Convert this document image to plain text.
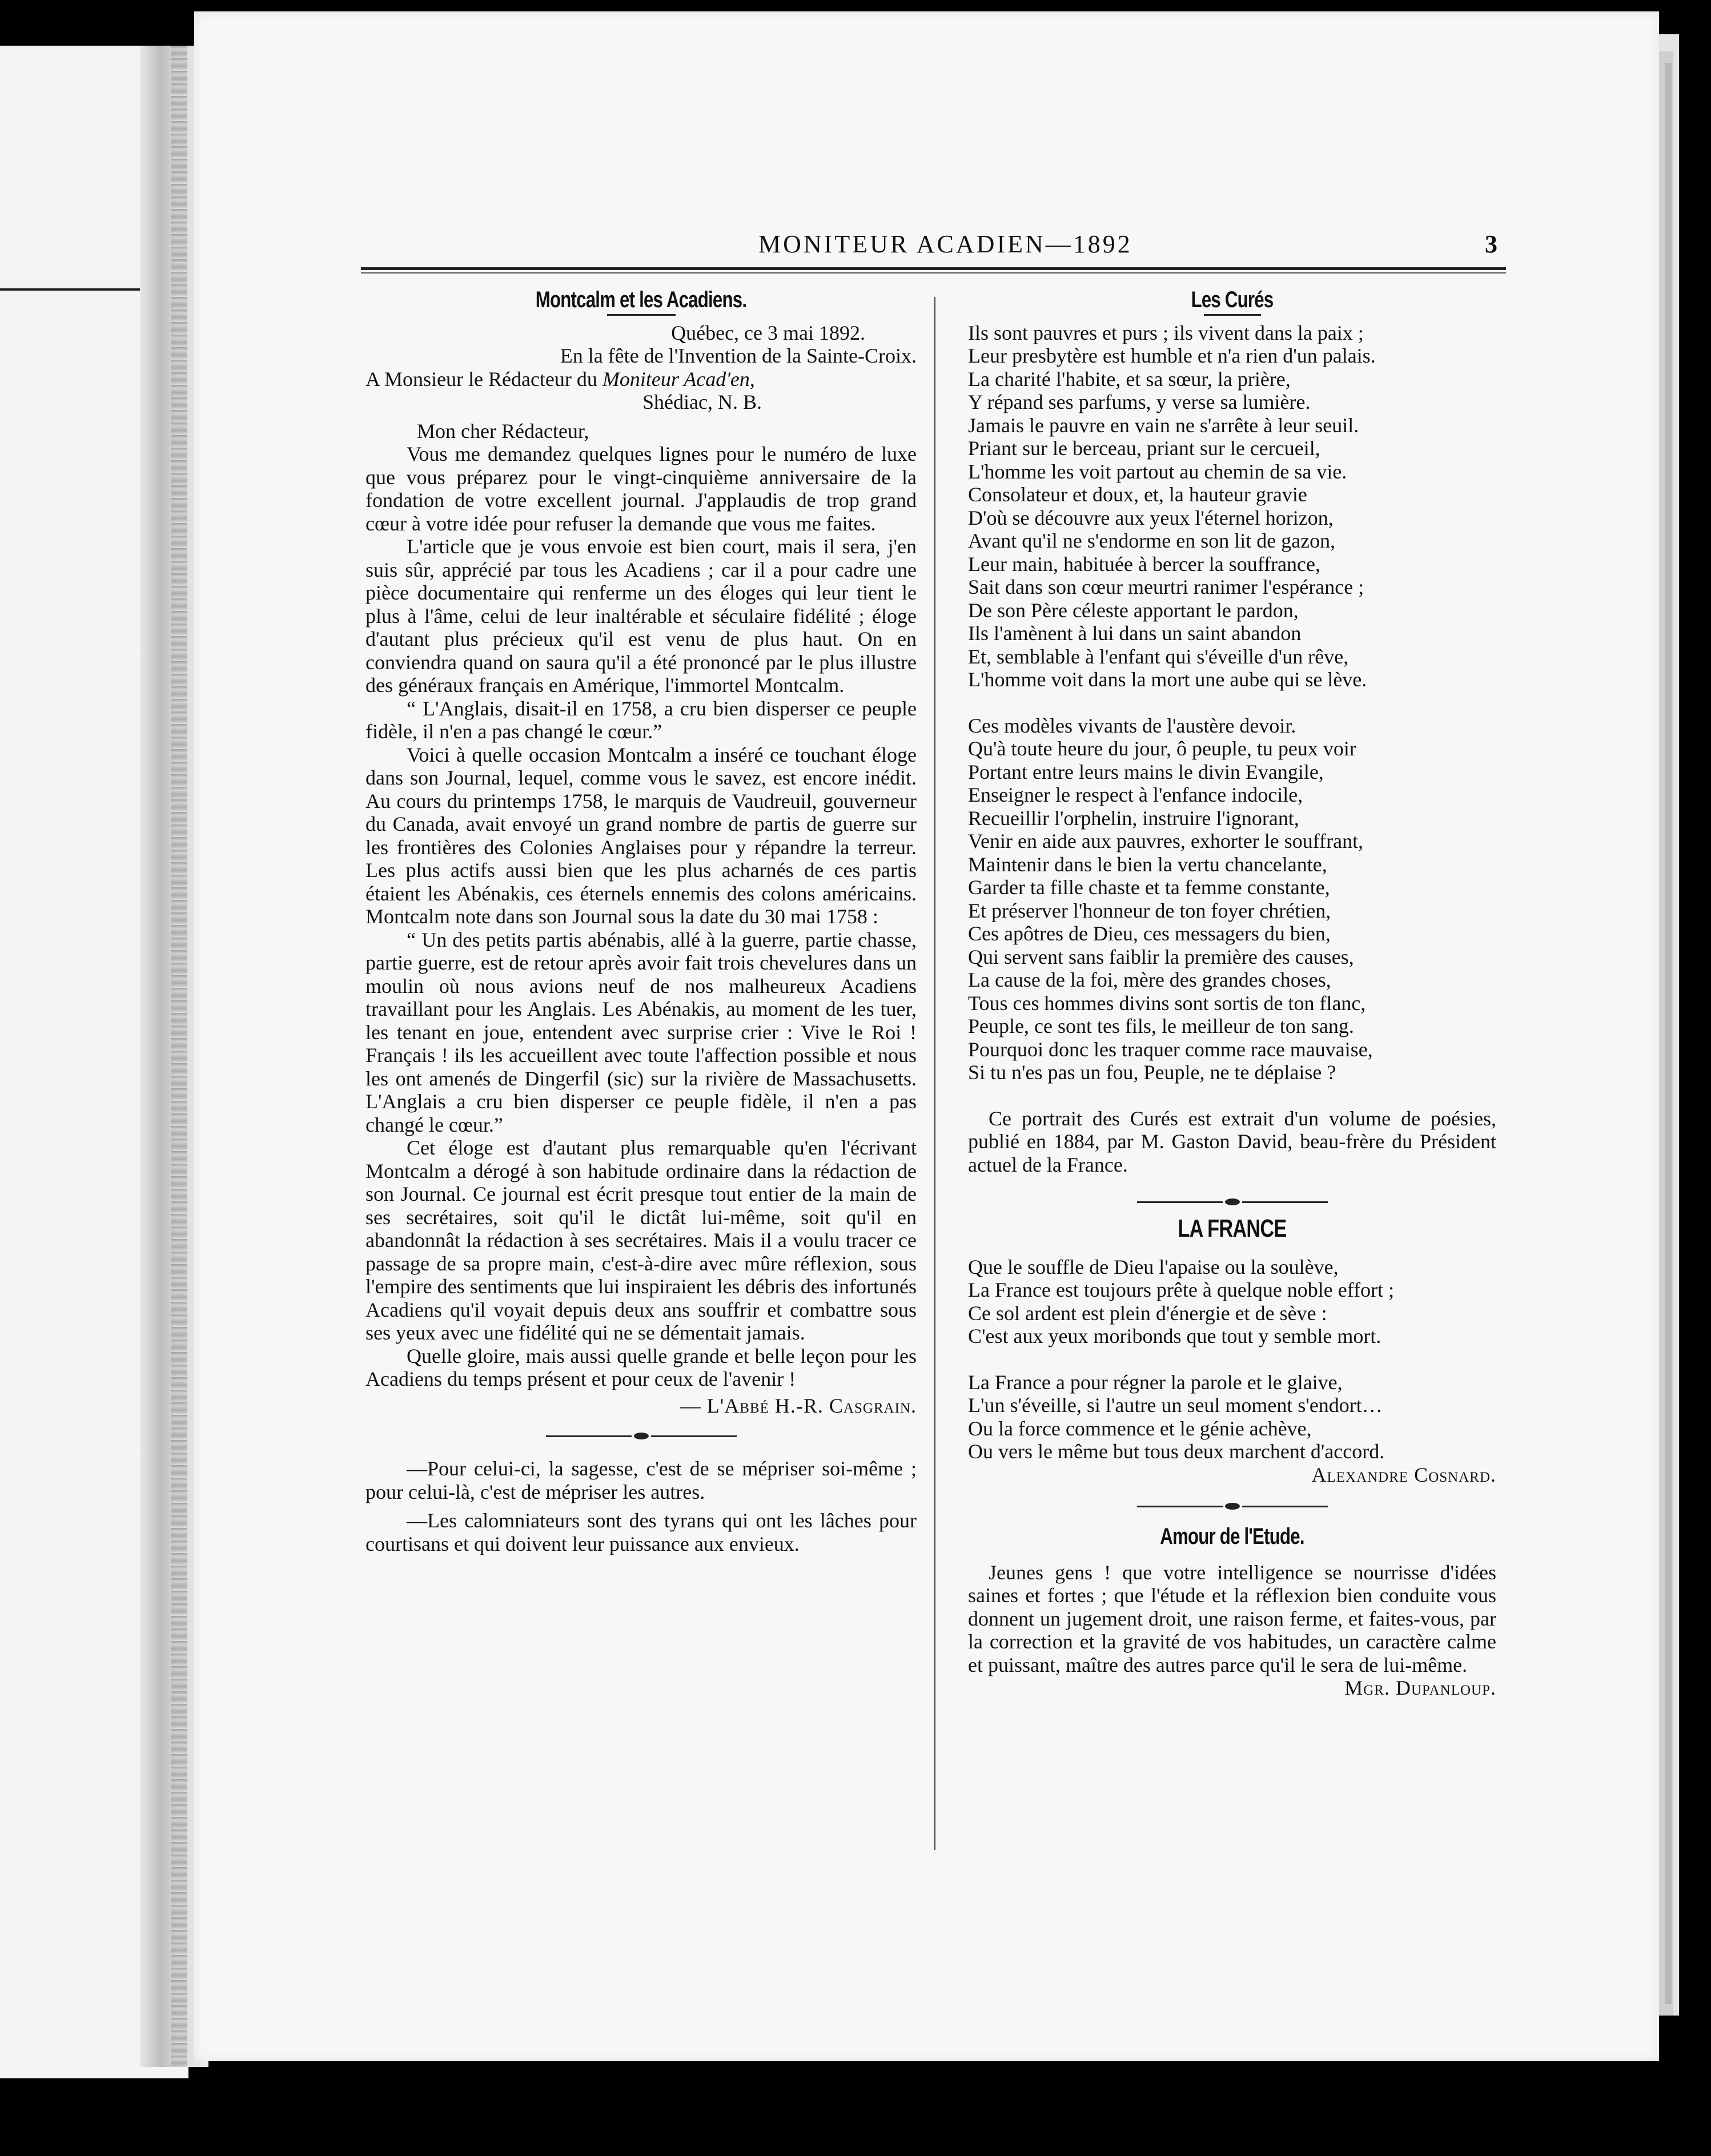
MONITEUR ACADIEN—1892	3
Montcalm et les Acadiens.

Québec, ce 3 mai 1892.

En la fête de l'Invention de la Sainte-Croix.

A Monsieur le Rédacteur du Moniteur Acad'en,

Shédiac, N. B.

Mon cher Rédacteur,

Vous me demandez quelques lignes pour le numéro de luxe que vous préparez pour le vingt-cinquième anniversaire de la fondation de votre excellent journal. J'applaudis de trop grand cœur à votre idée pour refuser la demande que vous me faites.

L'article que je vous envoie est bien court, mais il sera, j'en suis sûr, apprécié par tous les Acadiens ; car il a pour cadre une pièce documentaire qui renferme un des éloges qui leur tient le plus à l'âme, celui de leur inaltérable et séculaire fidélité ; éloge d'autant plus précieux qu'il est venu de plus haut. On en conviendra quand on saura qu'il a été prononcé par le plus illustre des généraux français en Amérique, l'immortel Montcalm.

“ L'Anglais, disait-il en 1758, a cru bien disperser ce peuple fidèle, il n'en a pas changé le cœur.”

Voici à quelle occasion Montcalm a inséré ce touchant éloge dans son Journal, lequel, comme vous le savez, est encore inédit. Au cours du printemps 1758, le marquis de Vaudreuil, gouverneur du Canada, avait envoyé un grand nombre de partis de guerre sur les frontières des Colonies Anglaises pour y répandre la terreur. Les plus actifs aussi bien que les plus acharnés de ces partis étaient les Abénakis, ces éternels ennemis des colons américains. Montcalm note dans son Journal sous la date du 30 mai 1758 :

“ Un des petits partis abénabis, allé à la guerre, partie chasse, partie guerre, est de retour après avoir fait trois chevelures dans un moulin où nous avions neuf de nos malheureux Acadiens travaillant pour les Anglais. Les Abénakis, au moment de les tuer, les tenant en joue, entendent avec surprise crier : Vive le Roi ! Français ! ils les accueillent avec toute l'affection possible et nous les ont amenés de Dingerfil (sic) sur la rivière de Massachusetts. L'Anglais a cru bien disperser ce peuple fidèle, il n'en a pas changé le cœur.”

Cet éloge est d'autant plus remarquable qu'en l'écrivant Montcalm a dérogé à son habitude ordinaire dans la rédaction de son Journal. Ce journal est écrit presque tout entier de la main de ses secrétaires, soit qu'il le dictât lui-même, soit qu'il en abandonnât la rédaction à ses secrétaires. Mais il a voulu tracer ce passage de sa propre main, c'est-à-dire avec mûre réflexion, sous l'empire des sentiments que lui inspiraient les débris des infortunés Acadiens qu'il voyait depuis deux ans souffrir et combattre sous ses yeux avec une fidélité qui ne se démentait jamais.

Quelle gloire, mais aussi quelle grande et belle leçon pour les Acadiens du temps présent et pour ceux de l'avenir !

— L'Abbé H.-R. Casgrain.

—Pour celui-ci, la sagesse, c'est de se mépriser soi-même ; pour celui-là, c'est de mépriser les autres.

—Les calomniateurs sont des tyrans qui ont les lâches pour courtisans et qui doivent leur puissance aux envieux.

Les Curés

Ils sont pauvres et purs ; ils vivent dans la paix ;

Leur presbytère est humble et n'a rien d'un palais.

La charité l'habite, et sa sœur, la prière,

Y répand ses parfums, y verse sa lumière.

Jamais le pauvre en vain ne s'arrête à leur seuil.

Priant sur le berceau, priant sur le cercueil,

L'homme les voit partout au chemin de sa vie.

Consolateur et doux, et, la hauteur gravie

D'où se découvre aux yeux l'éternel horizon,

Avant qu'il ne s'endorme en son lit de gazon,

Leur main, habituée à bercer la souffrance,

Sait dans son cœur meurtri ranimer l'espérance ;

De son Père céleste apportant le pardon,

Ils l'amènent à lui dans un saint abandon

Et, semblable à l'enfant qui s'éveille d'un rêve,

L'homme voit dans la mort une aube qui se lève.

Ces modèles vivants de l'austère devoir.

Qu'à toute heure du jour, ô peuple, tu peux voir

Portant entre leurs mains le divin Evangile,

Enseigner le respect à l'enfance indocile,

Recueillir l'orphelin, instruire l'ignorant,

Venir en aide aux pauvres, exhorter le souffrant,

Maintenir dans le bien la vertu chancelante,

Garder ta fille chaste et ta femme constante,

Et préserver l'honneur de ton foyer chrétien,

Ces apôtres de Dieu, ces messagers du bien,

Qui servent sans faiblir la première des causes,

La cause de la foi, mère des grandes choses,

Tous ces hommes divins sont sortis de ton flanc,

Peuple, ce sont tes fils, le meilleur de ton sang.

Pourquoi donc les traquer comme race mauvaise,

Si tu n'es pas un fou, Peuple, ne te déplaise ?

Ce portrait des Curés est extrait d'un volume de poésies, publié en 1884, par M. Gaston David, beau-frère du Président actuel de la France.

LA FRANCE

Que le souffle de Dieu l'apaise ou la soulève,

La France est toujours prête à quelque noble effort ;

Ce sol ardent est plein d'énergie et de sève :

C'est aux yeux moribonds que tout y semble mort.

La France a pour régner la parole et le glaive,

L'un s'éveille, si l'autre un seul moment s'endort…

Ou la force commence et le génie achève,

Ou vers le même but tous deux marchent d'accord.

Alexandre Cosnard.

Amour de l'Etude.

Jeunes gens ! que votre intelligence se nourrisse d'idées saines et fortes ; que l'étude et la réflexion bien conduite vous donnent un jugement droit, une raison ferme, et faites-vous, par la correction et la gravité de vos habitudes, un caractère calme et puissant, maître des autres parce qu'il le sera de lui-même.

Mgr. Dupanloup.
